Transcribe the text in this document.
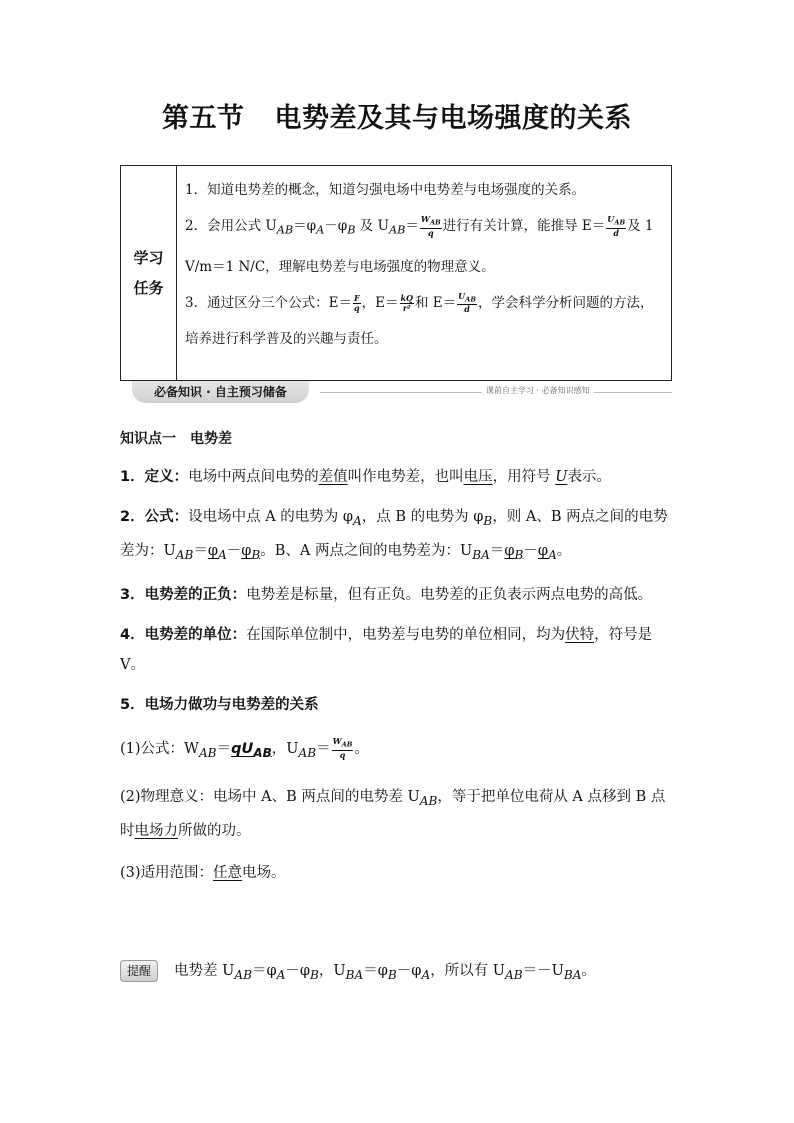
第五节 电势差及其与电场强度的关系
学习
任务

1．知道电势差的概念，知道匀强电场中电势差与电场强度的关系。

2．会用公式 $U_{AB}=\varphi_A-\varphi_B$ 及 $U_{AB}= \frac{W_{AB}}{q}$ 进行有关计算，能推导 $E= \frac{U_{AB}}{d}$ 及 1 V/m＝1 N/C，理解电势差与电场强度的物理意义。

3．通过区分三个公式：$E= \frac{F}{q}$ ，$E= \frac{kQ}{\text{r²}}$ 和 $E= \frac{U_{AB}}{d}$ ，学会科学分析问题的方法，培养进行科学普及的兴趣与责任。

必备知识 · 自主预习储备	课前自主学习 · 必备知识感知

知识点一　电势差

1．定义：电场中两点间电势的差值叫作电势差，也叫电压，用符号 U表示。

2．公式：设电场中点 A 的电势为 $\varphi_A$，点 B 的电势为 $\varphi_B$，则 A、B 两点之间的电势差为：$U_{AB}=\varphi_A-\varphi_B$。B、A 两点之间的电势差为：$U_{BA}=\varphi_B-\varphi_A$。

3．电势差的正负：电势差是标量，但有正负。电势差的正负表示两点电势的高低。

4．电势差的单位：在国际单位制中，电势差与电势的单位相同，均为伏特，符号是 V。

5．电场力做功与电势差的关系

(1)公式：$W_{AB}=qU_{AB}$，$U_{AB}= \frac{W_{AB}}{q}$ 。

(2)物理意义：电场中 A、B 两点间的电势差 $U_{AB}$，等于把单位电荷从 A 点移到 B 点时电场力所做的功。

(3)适用范围：任意电场。

提醒 电势差 $U_{AB}=\varphi_A-\varphi_B$，$U_{BA}=\varphi_B-\varphi_A$，所以有 $U_{AB}=-U_{BA}$。
